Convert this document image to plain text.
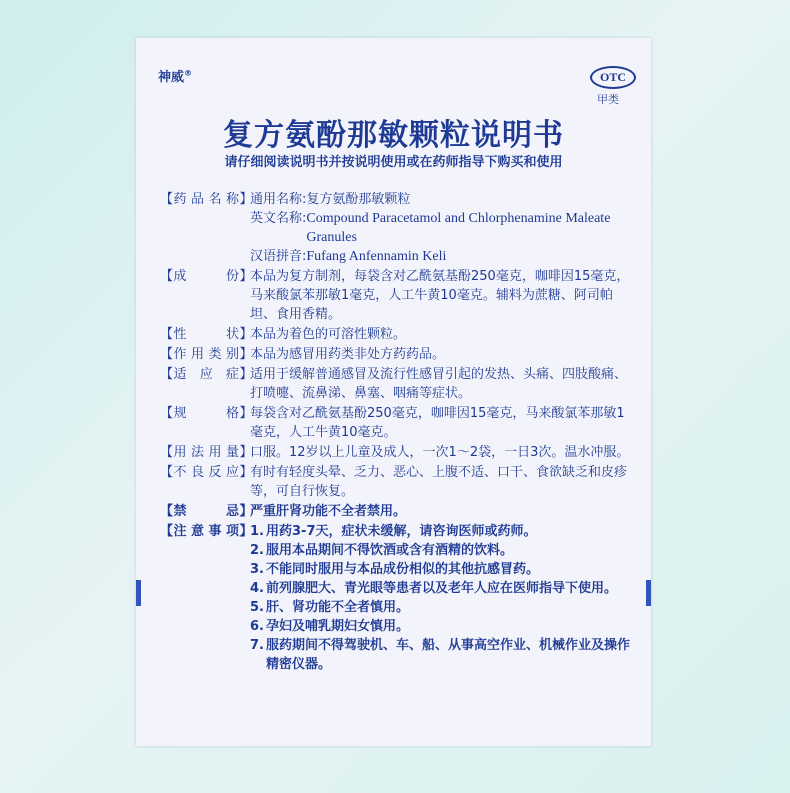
神威®	OTC
甲类
复方氨酚那敏颗粒说明书
请仔细阅读说明书并按说明使用或在药师指导下购买和使用
【 药品名称 】 通用名称: 复方氨酚那敏颗粒
英文名称: Compound Paracetamol and Chlorphenamine Maleate Granules
汉语拼音: Fufang Anfennamin Keli
【 成　　份 】 本品为复方制剂，每袋含对乙酰氨基酚250毫克，咖啡因15毫克，马来酸氯苯那敏1毫克，人工牛黄10毫克。辅料为蔗糖、阿司帕坦、食用香精。
【 性　　状 】 本品为着色的可溶性颗粒。
【 作用类别 】 本品为感冒用药类非处方药药品。
【 适 应 症 】 适用于缓解普通感冒及流行性感冒引起的发热、头痛、四肢酸痛、打喷嚏、流鼻涕、鼻塞、咽痛等症状。
【 规　　格 】 每袋含对乙酰氨基酚250毫克，咖啡因15毫克，马来酸氯苯那敏1毫克，人工牛黄10毫克。
【 用法用量 】 口服。12岁以上儿童及成人，一次1～2袋，一日3次。温水冲服。
【 不良反应 】 有时有轻度头晕、乏力、恶心、上腹不适、口干、食欲缺乏和皮疹等，可自行恢复。
【 禁　　忌 】 严重肝肾功能不全者禁用。
【 注意事项 】 1. 用药3-7天，症状未缓解，请咨询医师或药师。
2. 服用本品期间不得饮酒或含有酒精的饮料。
3. 不能同时服用与本品成份相似的其他抗感冒药。
4. 前列腺肥大、青光眼等患者以及老年人应在医师指导下使用。
5. 肝、肾功能不全者慎用。
6. 孕妇及哺乳期妇女慎用。
7. 服药期间不得驾驶机、车、船、从事高空作业、机械作业及操作精密仪器。
